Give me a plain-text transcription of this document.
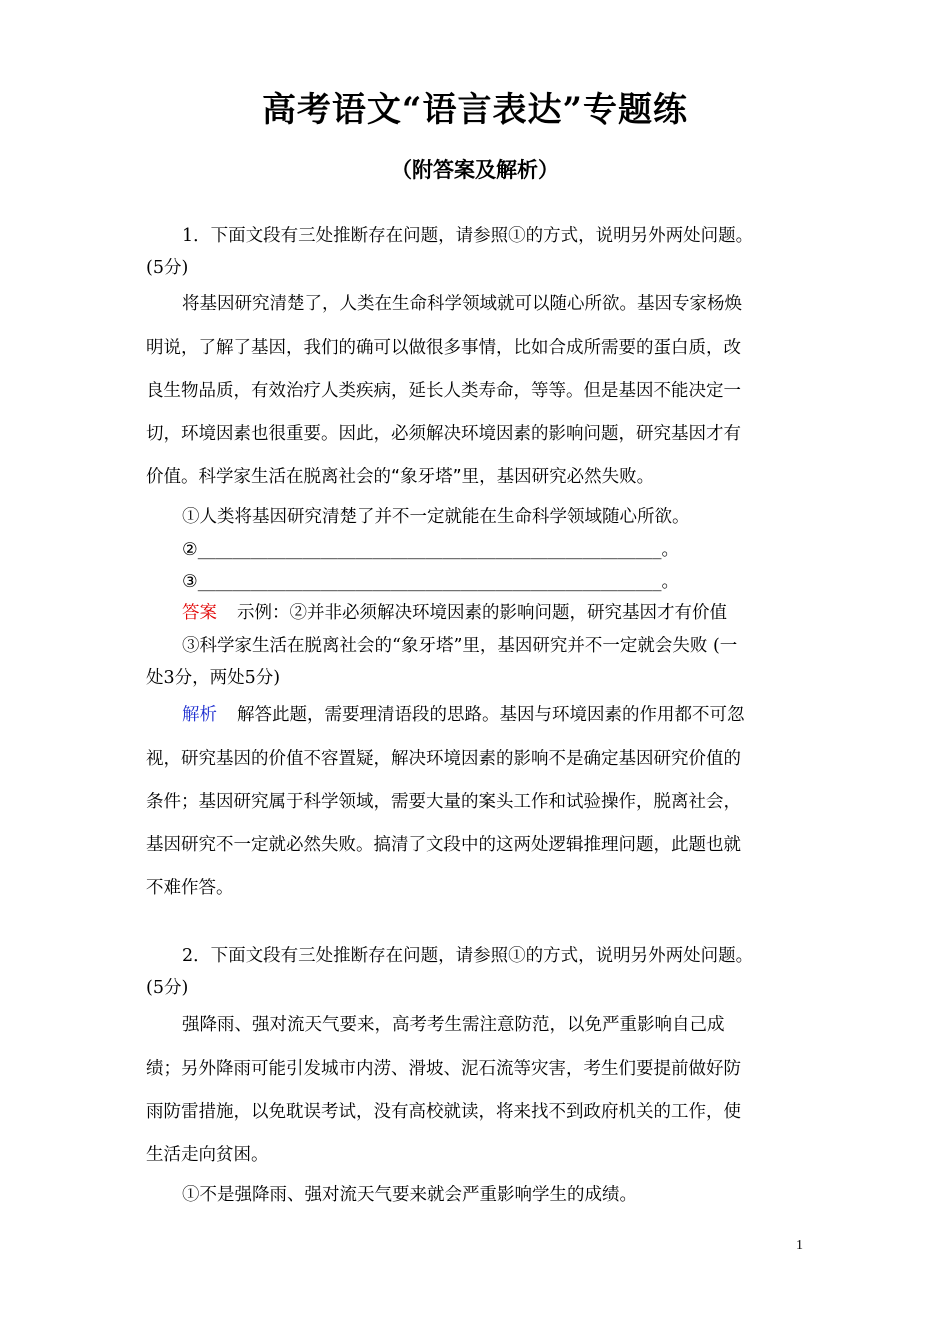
高考语文“语言表达”专题练
（附答案及解析）
1．下面文段有三处推断存在问题，请参照①的方式，说明另外两处问题。
(5分)
将基因研究清楚了，人类在生命科学领域就可以随心所欲。基因专家杨焕
明说，了解了基因，我们的确可以做很多事情，比如合成所需要的蛋白质，改
良生物品质，有效治疗人类疾病，延长人类寿命，等等。但是基因不能决定一
切，环境因素也很重要。因此，必须解决环境因素的影响问题，研究基因才有
价值。科学家生活在脱离社会的“象牙塔”里，基因研究必然失败。
①人类将基因研究清楚了并不一定就能在生命科学领域随心所欲。
②_____________________________________________________。
③_____________________________________________________。
答案 示例：②并非必须解决环境因素的影响问题，研究基因才有价值
③科学家生活在脱离社会的“象牙塔”里，基因研究并不一定就会失败 (一
处3分，两处5分)
解析 解答此题，需要理清语段的思路。基因与环境因素的作用都不可忽
视，研究基因的价值不容置疑，解决环境因素的影响不是确定基因研究价值的
条件；基因研究属于科学领域，需要大量的案头工作和试验操作，脱离社会，
基因研究不一定就必然失败。搞清了文段中的这两处逻辑推理问题，此题也就
不难作答。
2．下面文段有三处推断存在问题，请参照①的方式，说明另外两处问题。
(5分)
强降雨、强对流天气要来，高考考生需注意防范，以免严重影响自己成
绩；另外降雨可能引发城市内涝、滑坡、泥石流等灾害，考生们要提前做好防
雨防雷措施，以免耽误考试，没有高校就读，将来找不到政府机关的工作，使
生活走向贫困。
①不是强降雨、强对流天气要来就会严重影响学生的成绩。
1
